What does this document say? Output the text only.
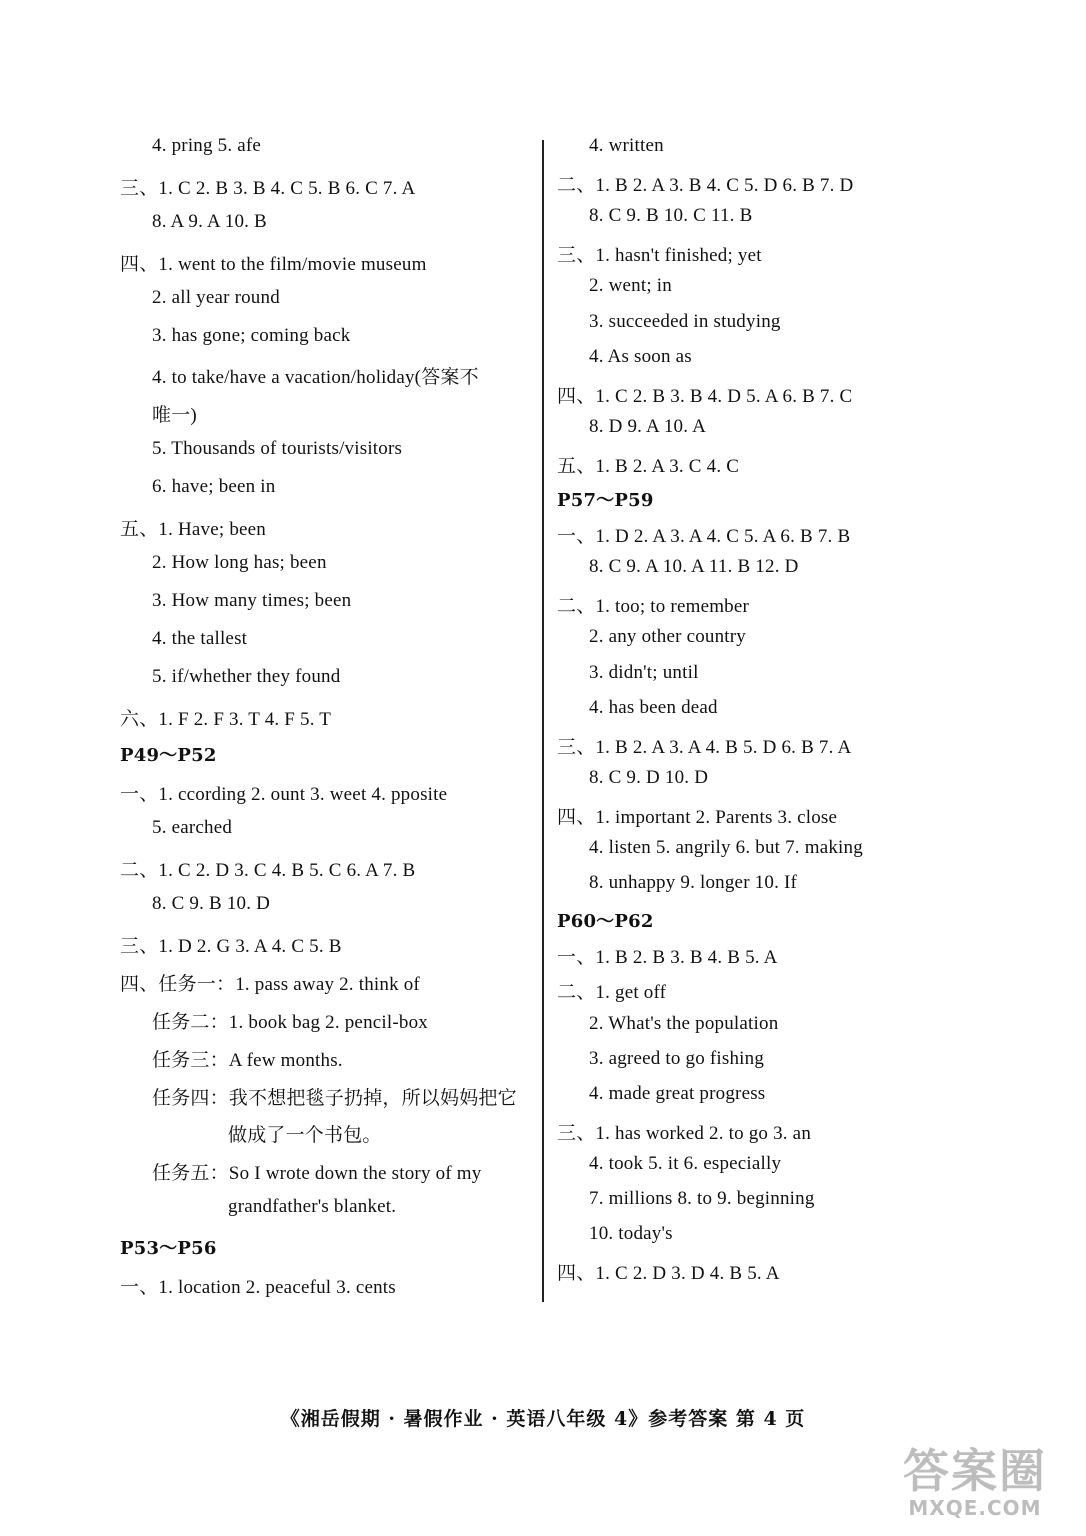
4. pring 5. afe
三、1. C 2. B 3. B 4. C 5. B 6. C 7. A
8. A 9. A 10. B
四、1. went to the film/movie museum
2. all year round
3. has gone; coming back
4. to take/have a vacation/holiday(答案不
唯一)
5. Thousands of tourists/visitors
6. have; been in
五、1. Have; been
2. How long has; been
3. How many times; been
4. the tallest
5. if/whether they found
六、1. F 2. F 3. T 4. F 5. T
P49～P52
一、1. ccording 2. ount 3. weet 4. pposite
5. earched
二、1. C 2. D 3. C 4. B 5. C 6. A 7. B
8. C 9. B 10. D
三、1. D 2. G 3. A 4. C 5. B
四、任务一：1. pass away 2. think of
任务二：1. book bag 2. pencil-box
任务三：A few months.
任务四：我不想把毯子扔掉，所以妈妈把它
做成了一个书包。
任务五：So I wrote down the story of my
grandfather's blanket.
P53～P56
一、1. location 2. peaceful 3. cents
4. written
二、1. B 2. A 3. B 4. C 5. D 6. B 7. D
8. C 9. B 10. C 11. B
三、1. hasn't finished; yet
2. went; in
3. succeeded in studying
4. As soon as
四、1. C 2. B 3. B 4. D 5. A 6. B 7. C
8. D 9. A 10. A
五、1. B 2. A 3. C 4. C
P57～P59
一、1. D 2. A 3. A 4. C 5. A 6. B 7. B
8. C 9. A 10. A 11. B 12. D
二、1. too; to remember
2. any other country
3. didn't; until
4. has been dead
三、1. B 2. A 3. A 4. B 5. D 6. B 7. A
8. C 9. D 10. D
四、1. important 2. Parents 3. close
4. listen 5. angrily 6. but 7. making
8. unhappy 9. longer 10. If
P60～P62
一、1. B 2. B 3. B 4. B 5. A
二、1. get off
2. What's the population
3. agreed to go fishing
4. made great progress
三、1. has worked 2. to go 3. an
4. took 5. it 6. especially
7. millions 8. to 9. beginning
10. today's
四、1. C 2. D 3. D 4. B 5. A
《湘岳假期 · 暑假作业 · 英语八年级 4》参考答案 第 4 页
答案圈
MXQE.COM
